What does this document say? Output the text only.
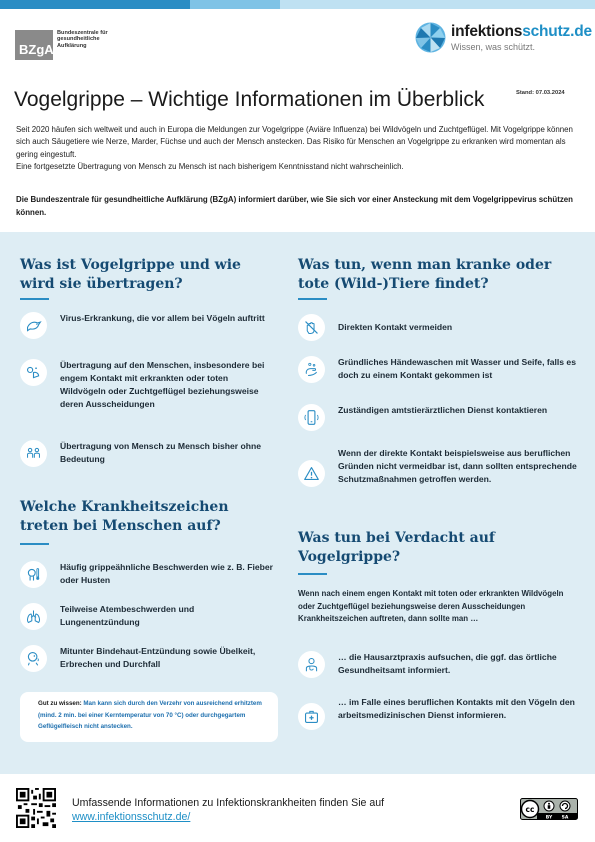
BZgA
Bundeszentrale für gesundheitliche Aufklärung
infektionsschutz.de
Wissen, was schützt.
Vogelgrippe – Wichtige Informationen im Überblick	Stand: 07.03.2024
Seit 2020 häufen sich weltweit und auch in Europa die Meldungen zur Vogelgrippe (Aviäre Influenza) bei Wildvögeln und Zuchtgeflügel. Mit Vogelgrippe können sich auch Säugetiere wie Nerze, Marder, Füchse und auch der Mensch anstecken. Das Risiko für Menschen an Vogelgrippe zu erkranken wird momentan als gering eingestuft.
Eine fortgesetzte Übertragung von Mensch zu Mensch ist nach bisherigem Kenntnisstand nicht wahrscheinlich.
Die Bundeszentrale für gesundheitliche Aufklärung (BZgA) informiert darüber, wie Sie sich vor einer Ansteckung mit dem Vogelgrippevirus schützen können.
Was ist Vogelgrippe und wie wird sie übertragen?
Virus-Erkrankung, die vor allem bei Vögeln auftritt
Übertragung auf den Menschen, insbesondere bei engem Kontakt mit erkrankten oder toten Wildvögeln oder Zuchtgeflügel beziehungsweise deren Ausscheidungen
Übertragung von Mensch zu Mensch bisher ohne Bedeutung
Welche Krankheitszeichen treten bei Menschen auf?
Häufig grippeähnliche Beschwerden wie z. B. Fieber oder Husten
Teilweise Atembeschwerden und Lungenentzündung
Mitunter Bindehaut-Entzündung sowie Übelkeit, Erbrechen und Durchfall
Gut zu wissen: Man kann sich durch den Verzehr von ausreichend erhitztem (mind. 2 min. bei einer Kerntemperatur von 70 °C) oder durchgegartem Geflügelfleisch nicht anstecken.
Was tun, wenn man kranke oder tote (Wild-)Tiere findet?
Direkten Kontakt vermeiden
Gründliches Händewaschen mit Wasser und Seife, falls es doch zu einem Kontakt gekommen ist
Zuständigen amtstierärztlichen Dienst kontaktieren
Wenn der direkte Kontakt beispielsweise aus beruflichen Gründen nicht vermeidbar ist, dann sollten entsprechende Schutzmaßnahmen getroffen werden.
Was tun bei Verdacht auf Vogelgrippe?
Wenn nach einem engen Kontakt mit toten oder erkrankten Wildvögeln oder Zuchtgeflügel beziehungsweise deren Ausscheidungen Krankheitszeichen auftreten, dann sollte man …
… die Hausarztpraxis aufsuchen, die ggf. das örtliche Gesundheitsamt informiert.
… im Falle eines beruflichen Kontakts mit den Vögeln den arbeitsmedizinischen Dienst informieren.
Umfassende Informationen zu Infektionskrankheiten finden Sie auf www.infektionsschutz.de/
cc
BY SA
